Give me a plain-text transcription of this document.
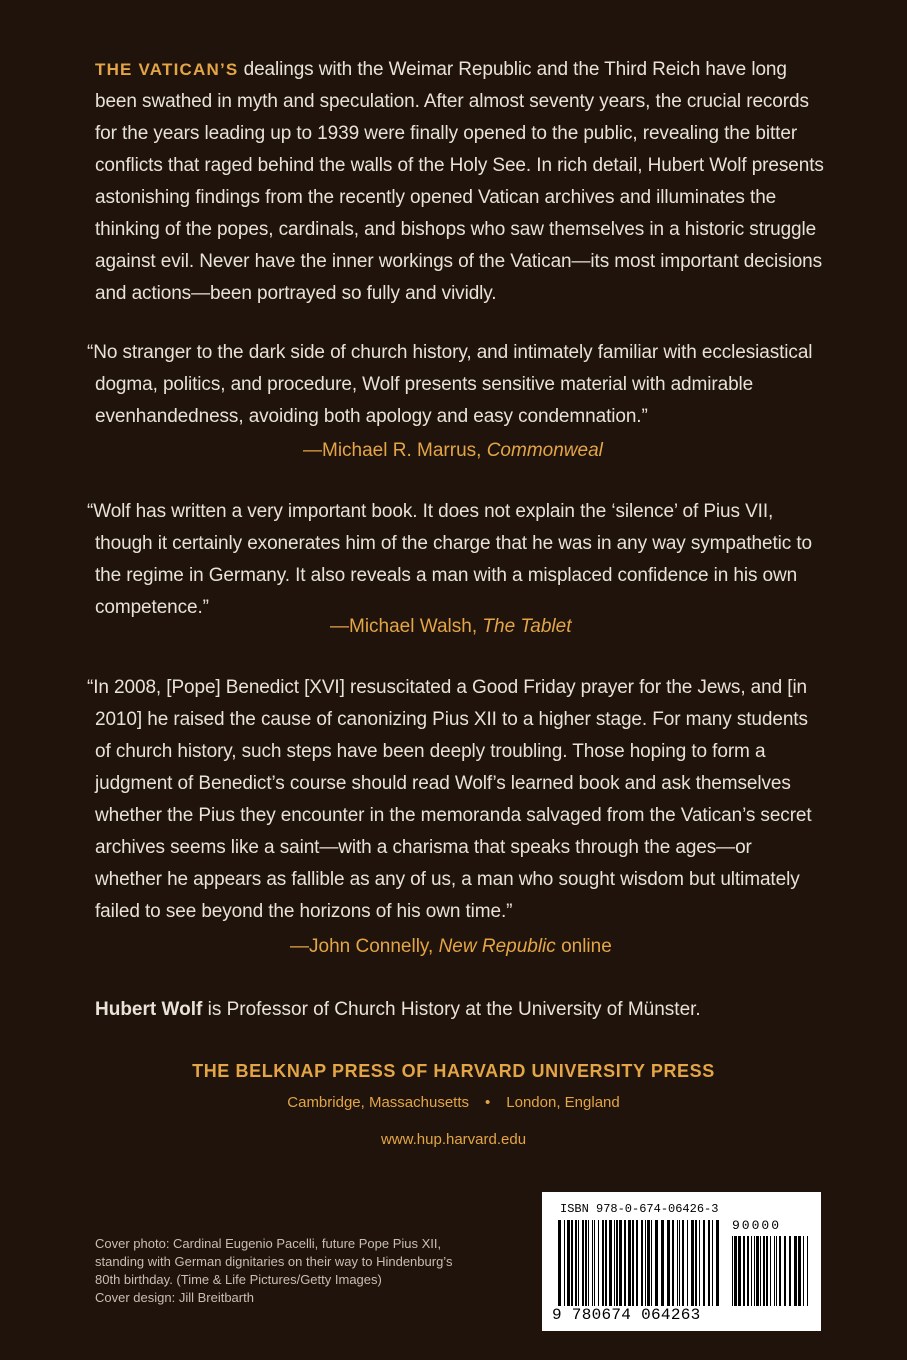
THE VATICAN’S dealings with the Weimar Republic and the Third Reich have long been swathed in myth and speculation. After almost seventy years, the crucial records for the years leading up to 1939 were finally opened to the public, revealing the bitter conflicts that raged behind the walls of the Holy See. In rich detail, Hubert Wolf presents astonishing findings from the recently opened Vatican archives and illuminates the thinking of the popes, cardinals, and bishops who saw themselves in a historic struggle against evil. Never have the inner workings of the Vatican—its most important decisions and actions—been portrayed so fully and vividly.

“No stranger to the dark side of church history, and intimately familiar with ecclesiastical dogma, politics, and procedure, Wolf presents sensitive material with admirable evenhandedness, avoiding both apology and easy condemnation.”

—Michael R. Marrus, Commonweal

“Wolf has written a very important book. It does not explain the ‘silence’ of Pius VII, though it certainly exonerates him of the charge that he was in any way sympathetic to the regime in Germany. It also reveals a man with a misplaced confidence in his own competence.”

—Michael Walsh, The Tablet

“In 2008, [Pope] Benedict [XVI] resuscitated a Good Friday prayer for the Jews, and [in 2010] he raised the cause of canonizing Pius XII to a higher stage. For many students of church history, such steps have been deeply troubling. Those hoping to form a judgment of Benedict’s course should read Wolf’s learned book and ask themselves whether the Pius they encounter in the memoranda salvaged from the Vatican’s secret archives seems like a saint—with a charisma that speaks through the ages—or whether he appears as fallible as any of us, a man who sought wisdom but ultimately failed to see beyond the horizons of his own time.”

—John Connelly, New Republic online
Hubert Wolf is Professor of Church History at the University of Münster.
THE BELKNAP PRESS OF HARVARD UNIVERSITY PRESS
Cambridge, Massachusetts • London, England
www.hup.harvard.edu
Cover photo: Cardinal Eugenio Pacelli, future Pope Pius XII,
standing with German dignitaries on their way to Hindenburg’s
80th birthday. (Time & Life Pictures/Getty Images)
Cover design: Jill Breitbarth
ISBN 978-0-674-06426-3
90000
9 780674 064263
